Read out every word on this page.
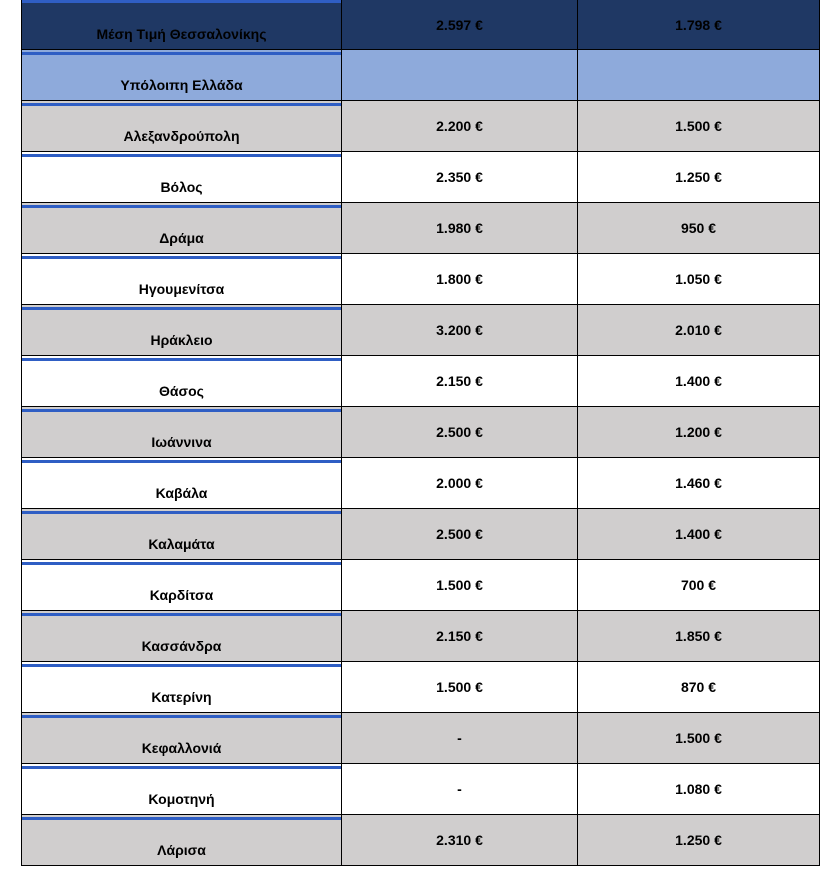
Μέση Τιμή Θεσσαλονίκης	2.597 €	1.798 €

Υπόλοιπη Ελλάδα		

Αλεξανδρούπολη	2.200 €	1.500 €

Βόλος	2.350 €	1.250 €

Δράμα	1.980 €	950 €

Ηγουμενίτσα	1.800 €	1.050 €

Ηράκλειο	3.200 €	2.010 €

Θάσος	2.150 €	1.400 €

Ιωάννινα	2.500 €	1.200 €

Καβάλα	2.000 €	1.460 €

Καλαμάτα	2.500 €	1.400 €

Καρδίτσα	1.500 €	700 €

Κασσάνδρα	2.150 €	1.850 €

Κατερίνη	1.500 €	870 €

Κεφαλλονιά	-	1.500 €

Κομοτηνή	-	1.080 €

Λάρισα	2.310 €	1.250 €
